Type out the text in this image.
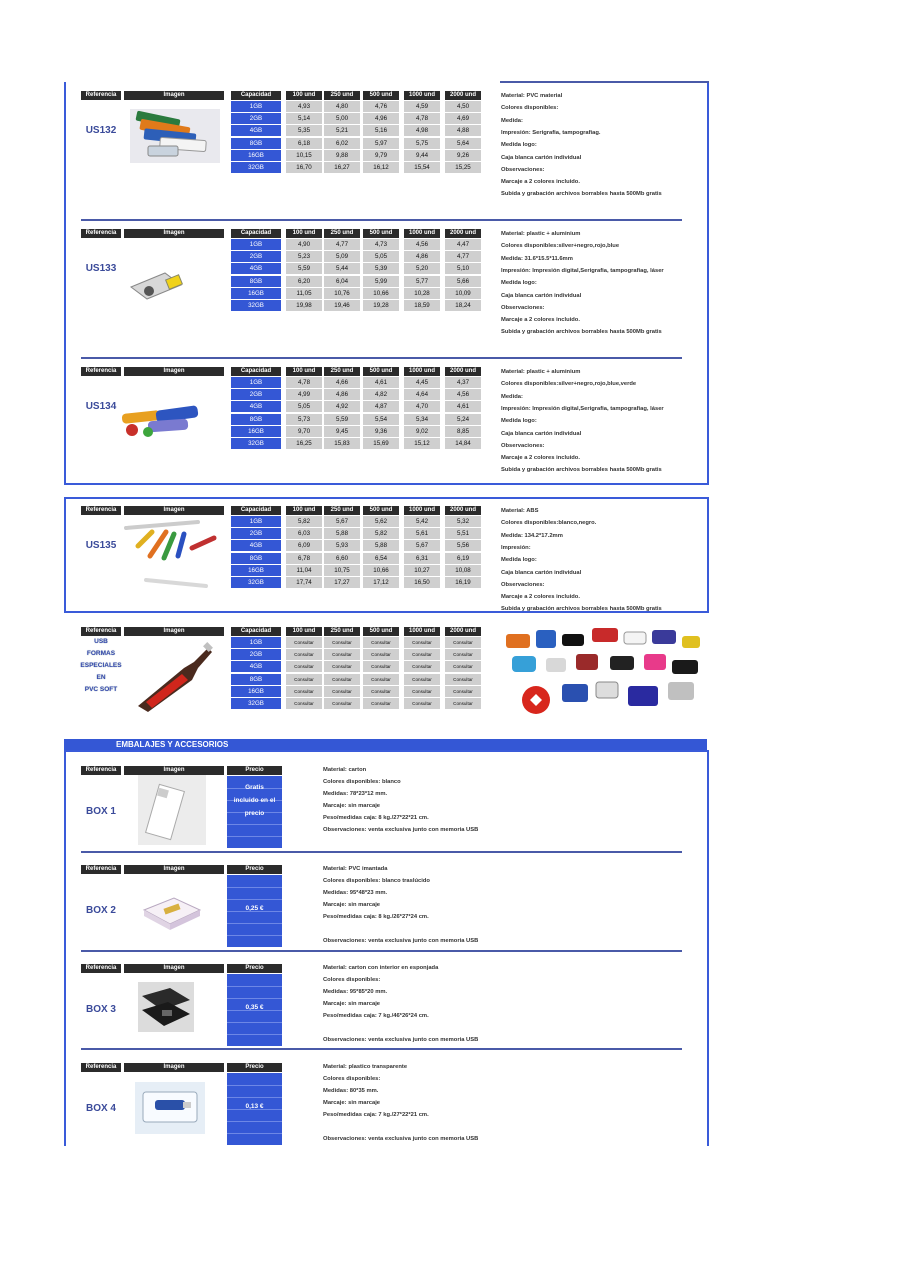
EMBALAJES Y ACCESORIOS
Referencia	Imagen	Capacidad	100 und	250 und	500 und	1000 und	2000 und
1GB	4,93	4,80	4,76	4,59	4,50
2GB	5,14	5,00	4,96	4,78	4,69
4GB	5,35	5,21	5,16	4,98	4,88
8GB	6,18	6,02	5,97	5,75	5,64
16GB	10,15	9,88	9,79	9,44	9,26
32GB	16,70	16,27	16,12	15,54	15,25
US132
Material: PVC material
Colores disponibles:
Medida:
Impresión: Serigrafia, tampografiag.
Medida logo:
Caja blanca cartón individual
Observaciones:
Marcaje a 2 colores incluido.
Subida y grabación archivos borrables hasta 500Mb gratis
Referencia	Imagen	Capacidad	100 und	250 und	500 und	1000 und	2000 und
1GB	4,90	4,77	4,73	4,56	4,47
2GB	5,23	5,09	5,05	4,86	4,77
4GB	5,59	5,44	5,39	5,20	5,10
8GB	6,20	6,04	5,99	5,77	5,66
16GB	11,05	10,76	10,66	10,28	10,09
32GB	19,98	19,46	19,28	18,59	18,24
US133
Material: plastic + aluminium
Colores disponibles:silver+negro,rojo,blue
Medida: 31.6*15.5*11.6mm
Impresión: Impresión digital,Serigrafia, tampografiag, láser
Medida logo:
Caja blanca cartón individual
Observaciones:
Marcaje a 2 colores incluido.
Subida y grabación archivos borrables hasta 500Mb gratis
Referencia	Imagen	Capacidad	100 und	250 und	500 und	1000 und	2000 und
1GB	4,78	4,66	4,61	4,45	4,37
2GB	4,99	4,86	4,82	4,64	4,56
4GB	5,05	4,92	4,87	4,70	4,61
8GB	5,73	5,59	5,54	5,34	5,24
16GB	9,70	9,45	9,36	9,02	8,85
32GB	16,25	15,83	15,69	15,12	14,84
US134
Material: plastic + aluminium
Colores disponibles:silver+negro,rojo,blue,verde
Medida:
Impresión: Impresión digital,Serigrafia, tampografiag, láser
Medida logo:
Caja blanca cartón individual
Observaciones:
Marcaje a 2 colores incluido.
Subida y grabación archivos borrables hasta 500Mb gratis
Referencia	Imagen	Capacidad	100 und	250 und	500 und	1000 und	2000 und
1GB	5,82	5,67	5,62	5,42	5,32
2GB	6,03	5,88	5,82	5,61	5,51
4GB	6,09	5,93	5,88	5,67	5,56
8GB	6,78	6,60	6,54	6,31	6,19
16GB	11,04	10,75	10,66	10,27	10,08
32GB	17,74	17,27	17,12	16,50	16,19
US135
Material: ABS
Colores disponibles:blanco,negro.
Medida: 134.2*17.2mm
Impresión:
Medida logo:
Caja blanca cartón individual
Observaciones:
Marcaje a 2 colores incluido.
Subida y grabación archivos borrables hasta 500Mb gratis
Referencia	Imagen	Capacidad	100 und	250 und	500 und	1000 und	2000 und
1GB	Consultar	Consultar	Consultar	Consultar	Consultar
2GB	Consultar	Consultar	Consultar	Consultar	Consultar
4GB	Consultar	Consultar	Consultar	Consultar	Consultar
8GB	Consultar	Consultar	Consultar	Consultar	Consultar
16GB	Consultar	Consultar	Consultar	Consultar	Consultar
32GB	Consultar	Consultar	Consultar	Consultar	Consultar
USB
FORMAS
ESPECIALES
EN
PVC SOFT
Referencia	Imagen	Precio
Gratis
incluido en el
precio
BOX 1
Material: carton
Colores disponibles: blanco
Medidas: 78*23*12 mm.
Marcaje: sin marcaje
Peso/medidas caja: 8 kg./27*22*21 cm.
Observaciones: venta exclusiva junto con memoria USB
Referencia	Imagen	Precio
0,25 €
BOX 2
Material: PVC imantada
Colores disponibles: blanco traslúcido
Medidas: 95*48*23 mm.
Marcaje: sin marcaje
Peso/medidas caja: 8 kg./26*27*24 cm.
Observaciones: venta exclusiva junto con memoria USB
Referencia	Imagen	Precio
0,35 €
BOX 3
Material: carton con interior en esponjada
Colores disponibles:
Medidas: 95*85*20 mm.
Marcaje: sin marcaje
Peso/medidas caja: 7 kg./46*26*24 cm.
Observaciones: venta exclusiva junto con memoria USB
Referencia	Imagen	Precio
0,13 €
BOX 4
Material: plastico transparente
Colores disponibles:
Medidas: 80*35 mm.
Marcaje: sin marcaje
Peso/medidas caja: 7 kg./27*22*21 cm.
Observaciones: venta exclusiva junto con memoria USB
